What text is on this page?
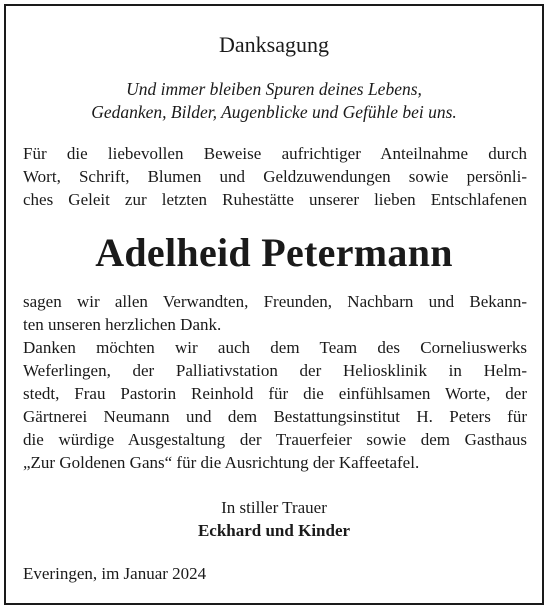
Danksagung
Und immer bleiben Spuren deines Lebens,
Gedanken, Bilder, Augenblicke und Gefühle bei uns.
Für die liebevollen Beweise aufrichtiger Anteilnahme durch
Wort, Schrift, Blumen und Geldzuwendungen sowie persönli-
ches Geleit zur letzten Ruhestätte unserer lieben Entschlafenen
Adelheid Petermann
sagen wir allen Verwandten, Freunden, Nachbarn und Bekann-
ten unseren herzlichen Dank.
Danken möchten wir auch dem Team des Corneliuswerks
Weferlingen, der Palliativstation der Heliosklinik in Helm-
stedt, Frau Pastorin Reinhold für die einfühlsamen Worte, der
Gärtnerei Neumann und dem Bestattungsinstitut H. Peters für
die würdige Ausgestaltung der Trauerfeier sowie dem Gasthaus
„Zur Goldenen Gans“ für die Ausrichtung der Kaffeetafel.
In stiller Trauer
Eckhard und Kinder
Everingen, im Januar 2024
